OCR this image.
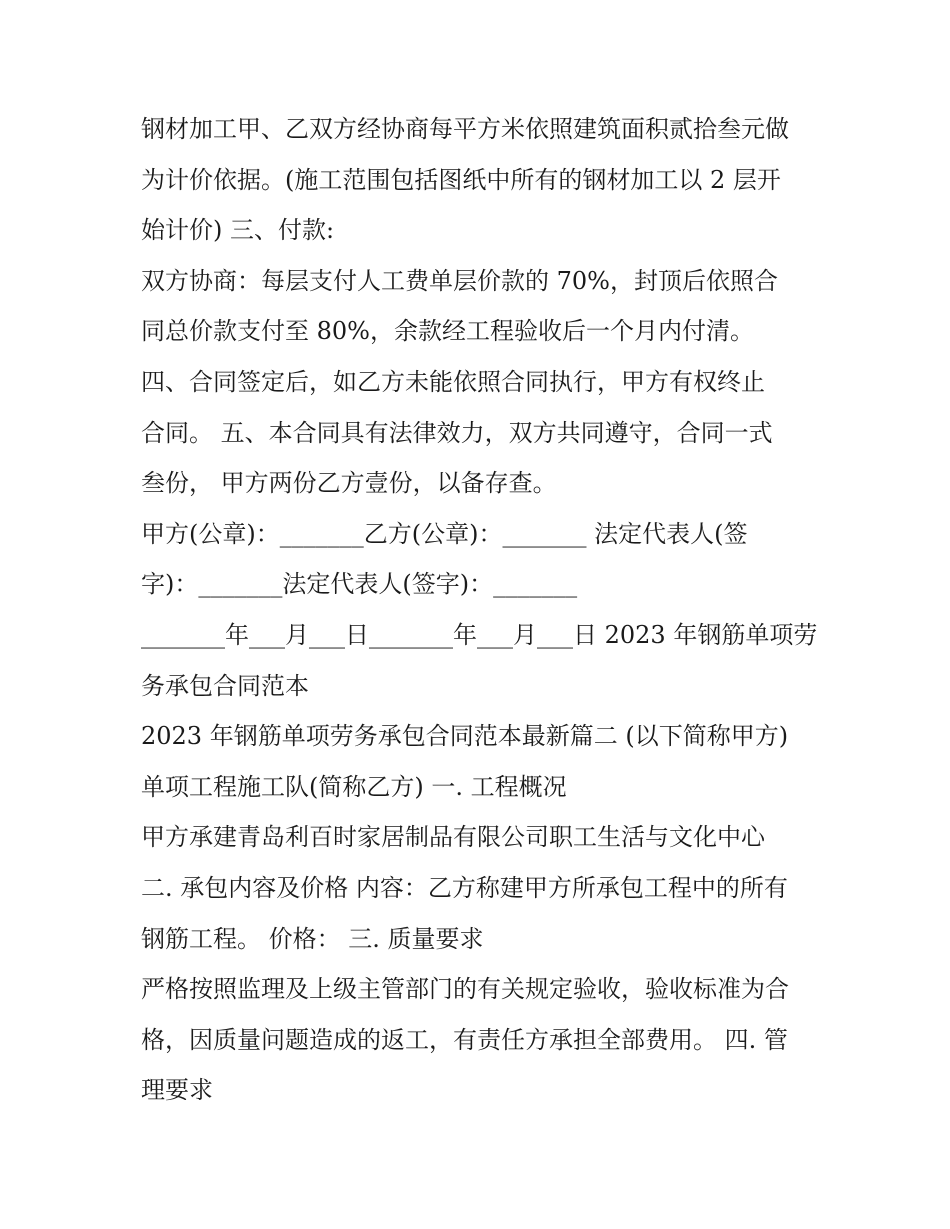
钢材加工甲、乙双方经协商每平方米依照建筑面积贰拾叁元做
为计价依据。(施工范围包括图纸中所有的钢材加工以 2 层开
始计价) 三、付款:
双方协商：每层支付人工费单层价款的 70%，封顶后依照合
同总价款支付至 80%，余款经工程验收后一个月内付清。
四、合同签定后，如乙方未能依照合同执行，甲方有权终止
合同。 五、本合同具有法律效力，双方共同遵守，合同一式
叁份， 甲方两份乙方壹份，以备存查。
甲方(公章)：_______乙方(公章)：_______ 法定代表人(签
字)：_______法定代表人(签字)：_______
_______年___月___日_______年___月___日 2023 年钢筋单项劳
务承包合同范本
2023 年钢筋单项劳务承包合同范本最新篇二 (以下简称甲方)
单项工程施工队(简称乙方) 一. 工程概况
甲方承建青岛利百时家居制品有限公司职工生活与文化中心
二. 承包内容及价格 内容：乙方称建甲方所承包工程中的所有
钢筋工程。 价格： 三. 质量要求
严格按照监理及上级主管部门的有关规定验收，验收标准为合
格，因质量问题造成的返工，有责任方承担全部费用。 四. 管
理要求
